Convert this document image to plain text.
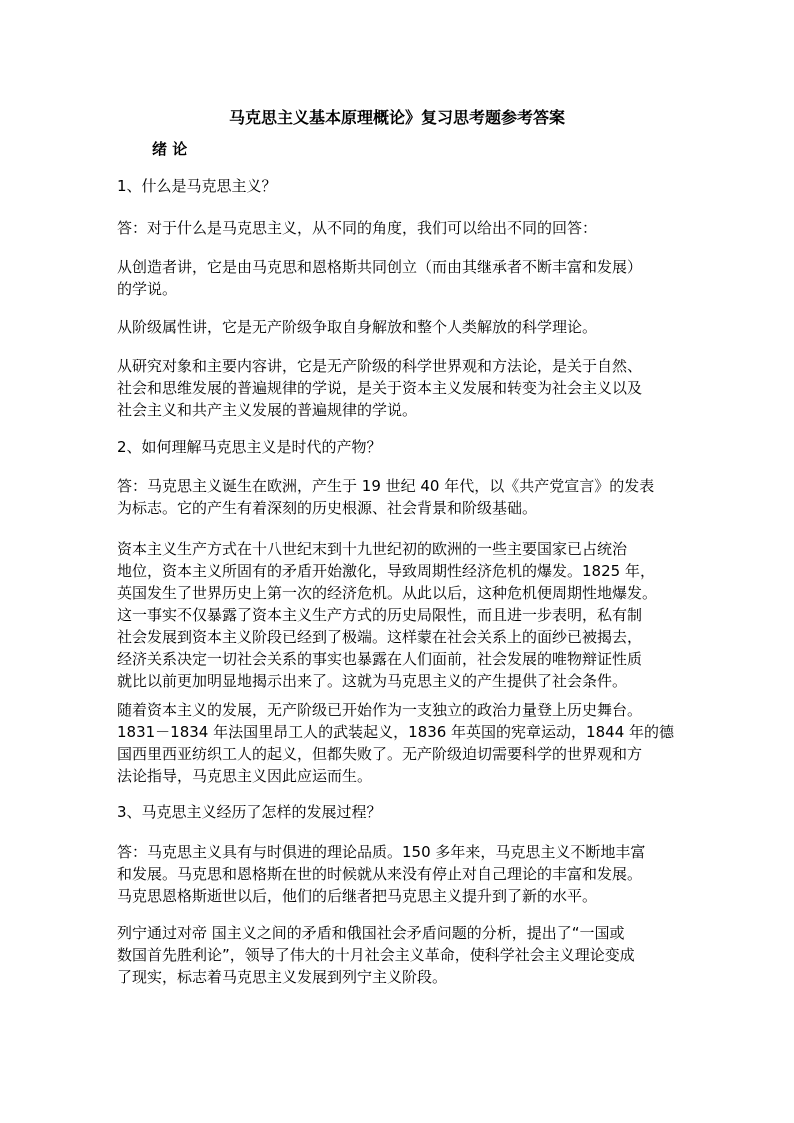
马克思主义基本原理概论》复习思考题参考答案
绪 论
1、什么是马克思主义？
答：对于什么是马克思主义，从不同的角度，我们可以给出不同的回答：
从创造者讲，它是由马克思和恩格斯共同创立（而由其继承者不断丰富和发展）
的学说。
从阶级属性讲，它是无产阶级争取自身解放和整个人类解放的科学理论。
从研究对象和主要内容讲，它是无产阶级的科学世界观和方法论，是关于自然、
社会和思维发展的普遍规律的学说，是关于资本主义发展和转变为社会主义以及
社会主义和共产主义发展的普遍规律的学说。
2、如何理解马克思主义是时代的产物？
答：马克思主义诞生在欧洲，产生于 19 世纪 40 年代，以《共产党宣言》的发表
为标志。它的产生有着深刻的历史根源、社会背景和阶级基础。
资本主义生产方式在十八世纪末到十九世纪初的欧洲的一些主要国家已占统治
地位，资本主义所固有的矛盾开始激化，导致周期性经济危机的爆发。1825 年，
英国发生了世界历史上第一次的经济危机。从此以后，这种危机便周期性地爆发。
这一事实不仅暴露了资本主义生产方式的历史局限性，而且进一步表明，私有制
社会发展到资本主义阶段已经到了极端。这样蒙在社会关系上的面纱已被揭去，
经济关系决定一切社会关系的事实也暴露在人们面前，社会发展的唯物辩证性质
就比以前更加明显地揭示出来了。这就为马克思主义的产生提供了社会条件。
随着资本主义的发展，无产阶级已开始作为一支独立的政治力量登上历史舞台。
1831－1834 年法国里昂工人的武装起义，1836 年英国的宪章运动，1844 年的德
国西里西亚纺织工人的起义，但都失败了。无产阶级迫切需要科学的世界观和方
法论指导，马克思主义因此应运而生。
3、马克思主义经历了怎样的发展过程？
答：马克思主义具有与时俱进的理论品质。150 多年来，马克思主义不断地丰富
和发展。马克思和恩格斯在世的时候就从来没有停止对自己理论的丰富和发展。
马克思恩格斯逝世以后，他们的后继者把马克思主义提升到了新的水平。
列宁通过对帝 国主义之间的矛盾和俄国社会矛盾问题的分析，提出了“一国或
数国首先胜利论”，领导了伟大的十月社会主义革命，使科学社会主义理论变成
了现实，标志着马克思主义发展到列宁主义阶段。
